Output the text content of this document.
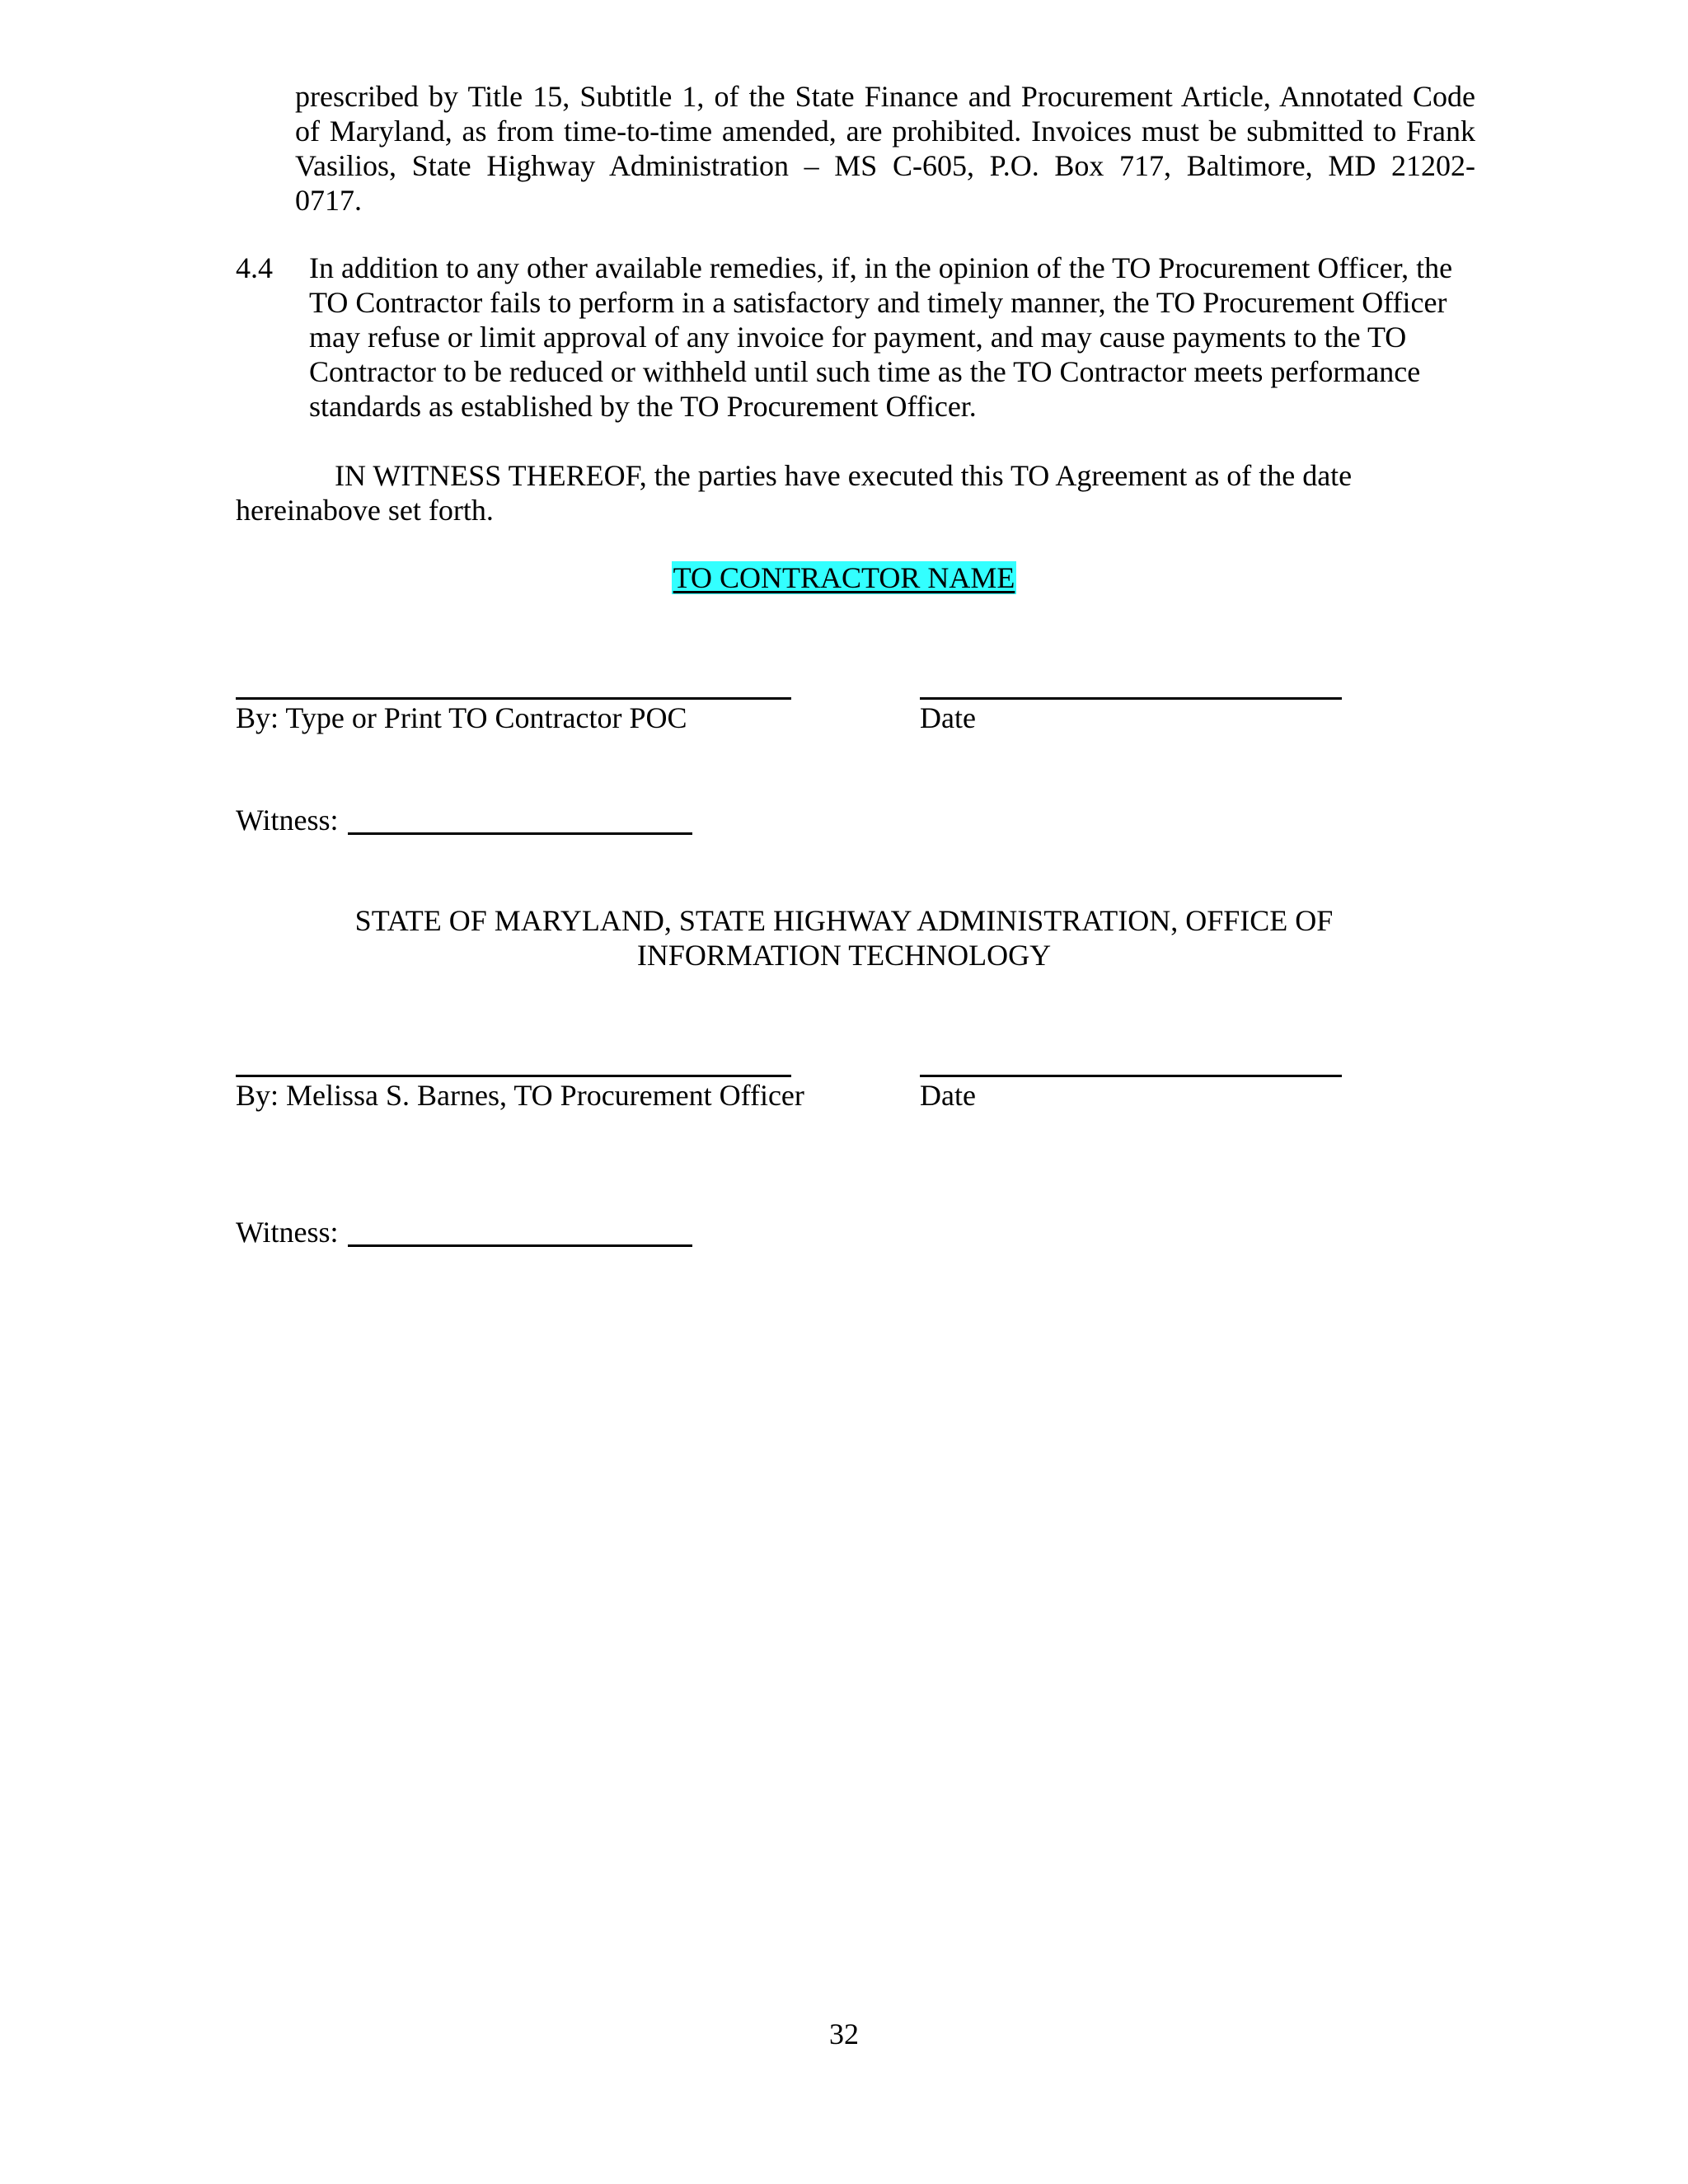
prescribed by Title 15, Subtitle 1, of the State Finance and Procurement Article, Annotated Code
of Maryland, as from time-to-time amended, are prohibited. Invoices must be submitted to Frank
Vasilios, State Highway Administration – MS C-605, P.O. Box 717, Baltimore, MD 21202-
0717.
4.4 In addition to any other available remedies, if, in the opinion of the TO Procurement Officer, the
TO Contractor fails to perform in a satisfactory and timely manner, the TO Procurement Officer
may refuse or limit approval of any invoice for payment, and may cause payments to the TO
Contractor to be reduced or withheld until such time as the TO Contractor meets performance
standards as established by the TO Procurement Officer.
IN WITNESS THEREOF, the parties have executed this TO Agreement as of the date
hereinabove set forth.
TO CONTRACTOR NAME
By: Type or Print TO Contractor POC	Date
Witness:
STATE OF MARYLAND, STATE HIGHWAY ADMINISTRATION, OFFICE OF
INFORMATION TECHNOLOGY
By: Melissa S. Barnes, TO Procurement Officer	Date
Witness:
32
